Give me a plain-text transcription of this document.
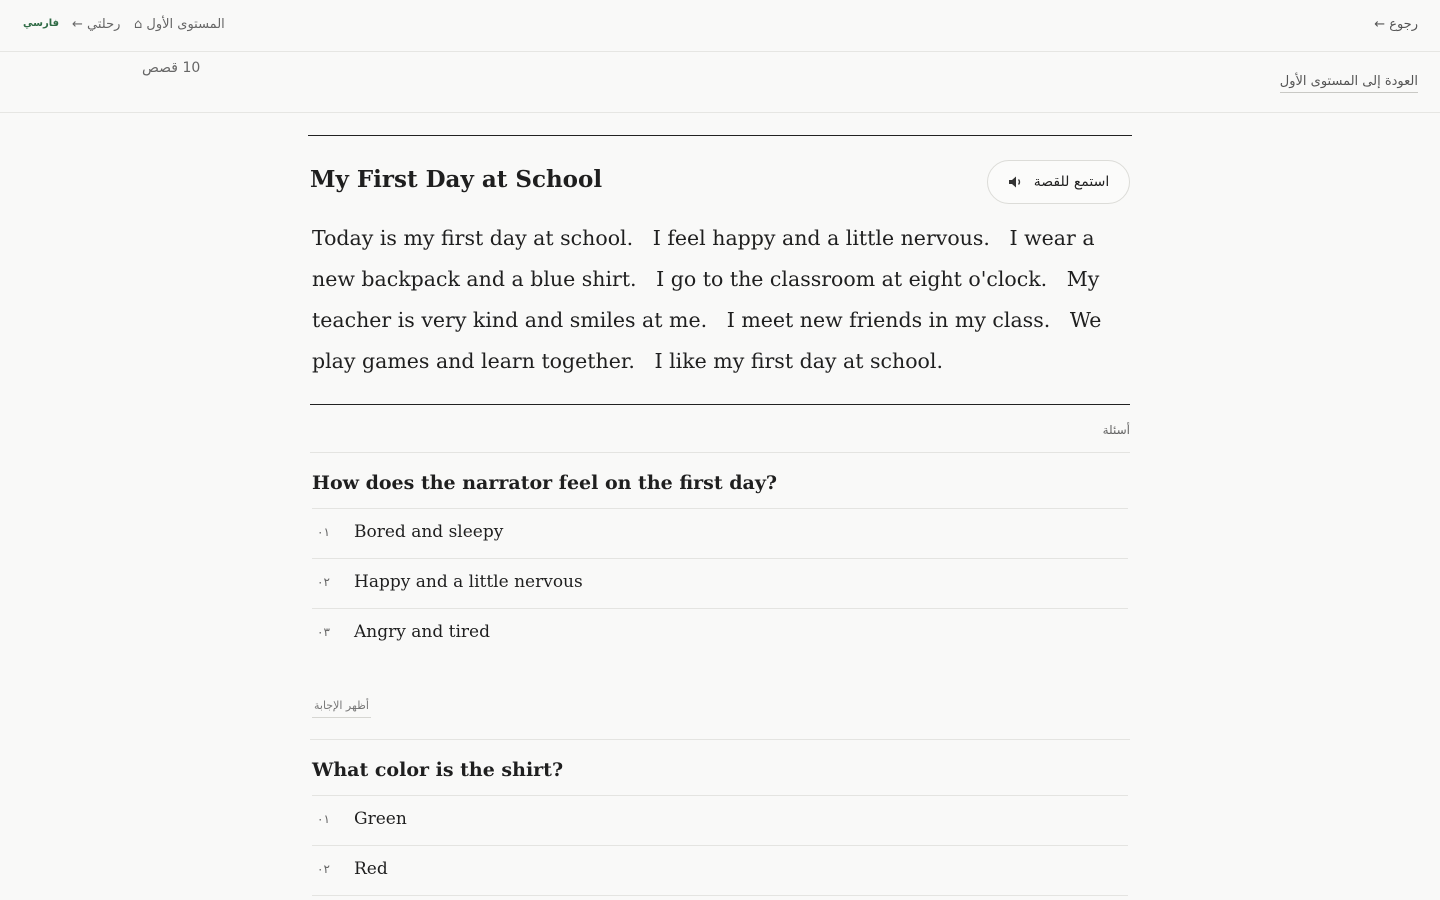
فارسي رحلتي ← المستوى الأول ⌂	رجوع ←
10 قصص
العودة إلى المستوى الأول
My First Day at School	استمع للقصة
Today is my first day at school. I feel happy and a little nervous. I wear a new backpack and a blue shirt. I go to the classroom at eight o'clock. My teacher is very kind and smiles at me. I meet new friends in my class. We play games and learn together. I like my first day at school.
أسئلة
How does the narrator feel on the first day?
٠١ Bored and sleepy
٠٢ Happy and a little nervous
٠٣ Angry and tired
أظهر الإجابة
What color is the shirt?
٠١ Green
٠٢ Red
